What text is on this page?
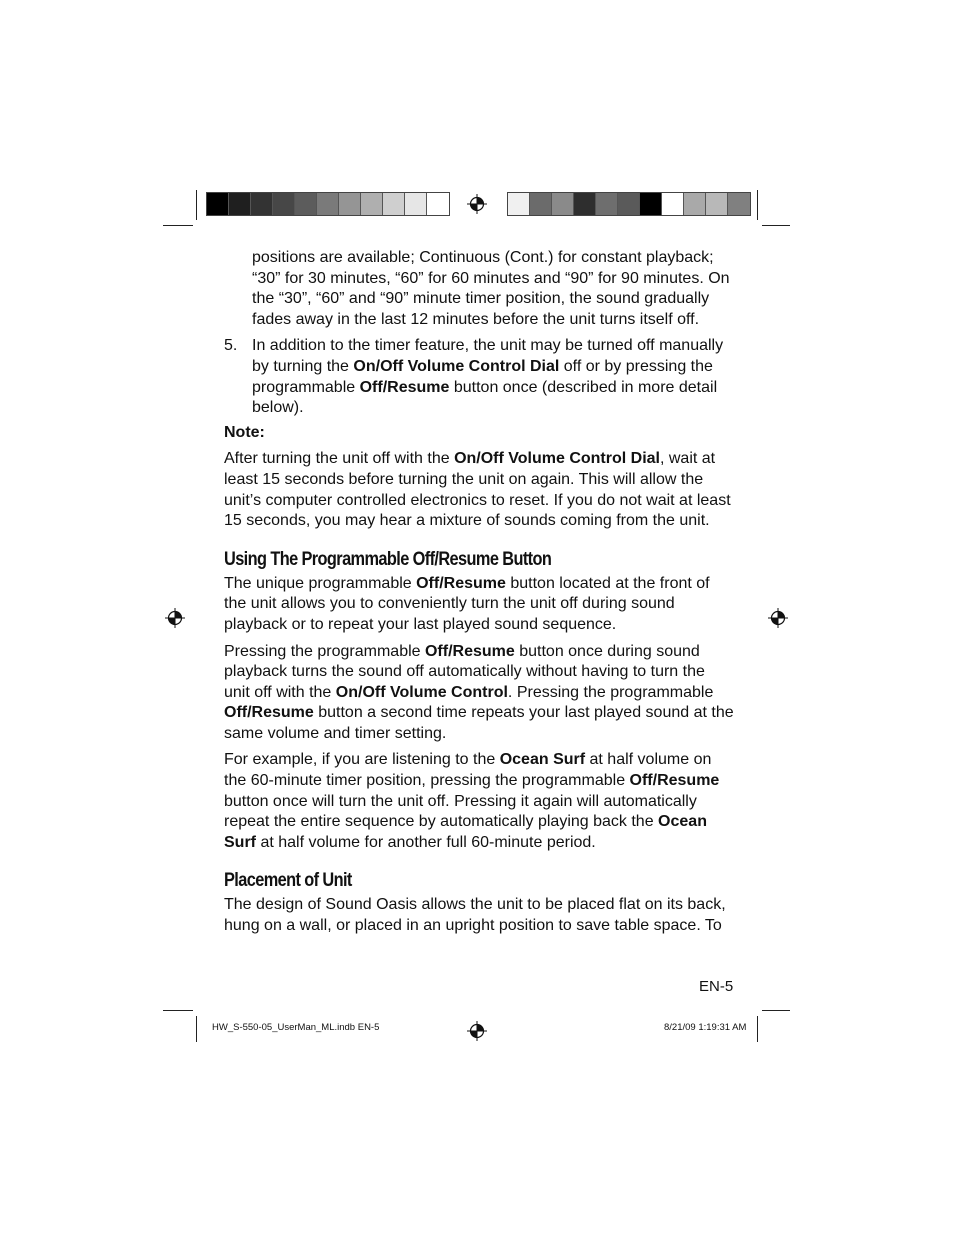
positions are available; Continuous (Cont.) for constant playback; “30” for 30 minutes, “60” for 60 minutes and “90” for 90 minutes. On the “30”, “60” and “90” minute timer position, the sound gradually fades away in the last 12 minutes before the unit turns itself off.

5. In addition to the timer feature, the unit may be turned off manually by turning the On/Off Volume Control Dial off or by pressing the programmable Off/Resume button once (described in more detail below).
Note:

After turning the unit off with the On/Off Volume Control Dial, wait at least 15 seconds before turning the unit on again. This will allow the unit’s computer controlled electronics to reset. If you do not wait at least 15 seconds, you may hear a mixture of sounds coming from the unit.

Using The Programmable Off/Resume Button

The unique programmable Off/Resume button located at the front of the unit allows you to conveniently turn the unit off during sound playback or to repeat your last played sound sequence.

Pressing the programmable Off/Resume button once during sound playback turns the sound off automatically without having to turn the unit off with the On/Off Volume Control. Pressing the programmable Off/Resume button a second time repeats your last played sound at the same volume and timer setting.

For example, if you are listening to the Ocean Surf at half volume on the 60-minute timer position, pressing the programmable Off/Resume button once will turn the unit off. Pressing it again will automatically repeat the entire sequence by automatically playing back the Ocean Surf at half volume for another full 60-minute period.

Placement of Unit

The design of Sound Oasis allows the unit to be placed flat on its back, hung on a wall, or placed in an upright position to save table space. To

EN-5
HW_S-550-05_UserMan_ML.indb EN-5	8/21/09 1:19:31 AM
